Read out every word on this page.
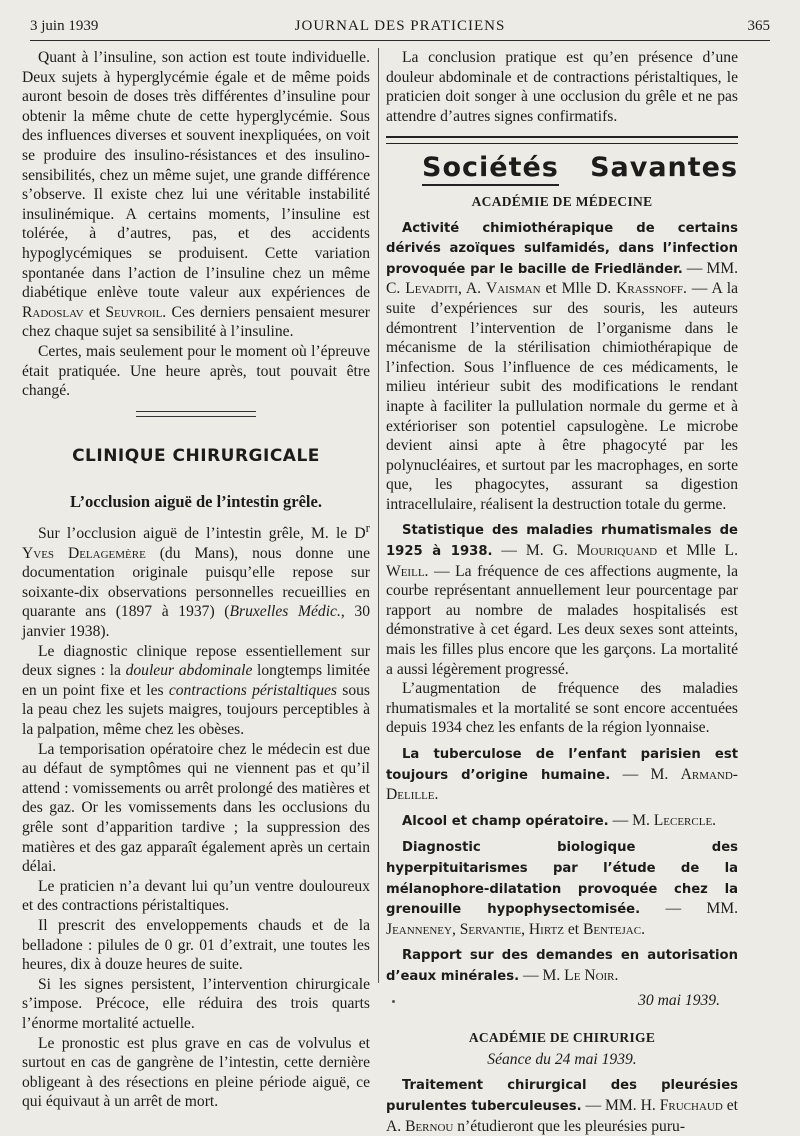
3 juin 1939	JOURNAL DES PRATICIENS	365

Quant à l’insuline, son action est toute individuelle. Deux sujets à hyperglycémie égale et de même poids auront besoin de doses très différentes d’insuline pour obtenir la même chute de cette hyperglycémie. Sous des influences diverses et souvent inexpliquées, on voit se produire des insulino-résistances et des insulino-sensibilités, chez un même sujet, une grande différence s’observe. Il existe chez lui une véritable instabilité insulinémique. A certains moments, l’insuline est tolérée, à d’autres, pas, et des accidents hypoglycémiques se produisent. Cette variation spontanée dans l’action de l’insuline chez un même diabétique enlève toute valeur aux expériences de Radoslav et Seuvroil. Ces derniers pensaient mesurer chez chaque sujet sa sensibilité à l’insuline.

Certes, mais seulement pour le moment où l’épreuve était pratiquée. Une heure après, tout pouvait être changé.

CLINIQUE CHIRURGICALE
L’occlusion aiguë de l’intestin grêle.

Sur l’occlusion aiguë de l’intestin grêle, M. le $D^r$ Yves Delagemère (du Mans), nous donne une documentation originale puisqu’elle repose sur soixante-dix observations personnelles recueillies en quarante ans (1897 à 1937) (Bruxelles Médic., 30 janvier 1938).

Le diagnostic clinique repose essentiellement sur deux signes : la douleur abdominale longtemps limitée en un point fixe et les contractions péristaltiques sous la peau chez les sujets maigres, toujours perceptibles à la palpation, même chez les obèses.

La temporisation opératoire chez le médecin est due au défaut de symptômes qui ne viennent pas et qu’il attend : vomissements ou arrêt prolongé des matières et des gaz. Or les vomissements dans les occlusions du grêle sont d’apparition tardive ; la suppression des matières et des gaz apparaît également après un certain délai.

Le praticien n’a devant lui qu’un ventre douloureux et des contractions péristaltiques.

Il prescrit des enveloppements chauds et de la belladone : pilules de 0 gr. 01 d’extrait, une toutes les heures, dix à douze heures de suite.

Si les signes persistent, l’intervention chirurgicale s’impose. Précoce, elle réduira des trois quarts l’énorme mortalité actuelle.

Le pronostic est plus grave en cas de volvulus et surtout en cas de gangrène de l’intestin, cette dernière obligeant à des résections en pleine période aiguë, ce qui équivaut à un arrêt de mort.

La conclusion pratique est qu’en présence d’une douleur abdominale et de contractions péristaltiques, le praticien doit songer à une occlusion du grêle et ne pas attendre d’autres signes confirmatifs.

Sociétés Savantes
ACADÉMIE DE MÉDECINE

Activité chimiothérapique de certains dérivés azoïques sulfamidés, dans l’infection provoquée par le bacille de Friedländer. — MM. C. Levaditi, A. Vaisman et Mlle D. Krassnoff. — A la suite d’expériences sur des souris, les auteurs démontrent l’intervention de l’organisme dans le mécanisme de la stérilisation chimiothérapique de l’infection. Sous l’influence de ces médicaments, le milieu intérieur subit des modifications le rendant inapte à faciliter la pullulation normale du germe et à extérioriser son potentiel capsulogène. Le microbe devient ainsi apte à être phagocyté par les polynucléaires, et surtout par les macrophages, en sorte que, les phagocytes, assurant sa digestion intracellulaire, réalisent la destruction totale du germe.

Statistique des maladies rhumatismales de 1925 à 1938. — M. G. Mouriquand et Mlle L. Weill. — La fréquence de ces affections augmente, la courbe représentant annuellement leur pourcentage par rapport au nombre de malades hospitalisés est démonstrative à cet égard. Les deux sexes sont atteints, mais les filles plus encore que les garçons. La mortalité a aussi légèrement progressé.

L’augmentation de fréquence des maladies rhumatismales et la mortalité se sont encore accentuées depuis 1934 chez les enfants de la région lyonnaise.

La tuberculose de l’enfant parisien est toujours d’origine humaine. — M. Armand-Delille.

Alcool et champ opératoire. — M. Lecercle.

Diagnostic biologique des hyperpituitarismes par l’étude de la mélanophore-dilatation provoquée chez la grenouille hypophysectomisée. — MM. Jeanneney, Servantie, Hirtz et Bentejac.

Rapport sur des demandes en autorisation d’eaux minérales. — M. Le Noir.

30 mai 1939.
ACADÉMIE DE CHIRURIGE
Séance du 24 mai 1939.

Traitement chirurgical des pleurésies purulentes tuberculeuses. — MM. H. Fruchaud et A. Bernou n’étudieront que les pleurésies puru-
